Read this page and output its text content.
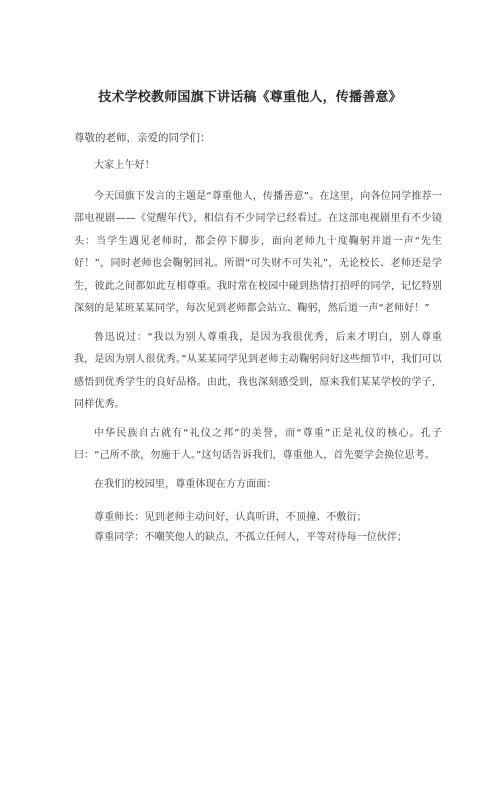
技术学校教师国旗下讲话稿《尊重他人，传播善意》
尊敬的老师，亲爱的同学们：

大家上午好！

今天国旗下发言的主题是“尊重他人，传播善意”。在这里，向各位同学推荐一部电视剧——《觉醒年代》，相信有不少同学已经看过。在这部电视剧里有不少镜头：当学生遇见老师时，都会停下脚步，面向老师九十度鞠躬并道一声“先生好！”，同时老师也会鞠躬回礼。所谓“可失财不可失礼”，无论校长、老师还是学生，彼此之间都如此互相尊重。我时常在校园中碰到热情打招呼的同学，记忆特别深刻的是某班某某同学，每次见到老师都会站立、鞠躬，然后道一声“老师好！”

鲁迅说过：“我以为别人尊重我，是因为我很优秀，后来才明白，别人尊重我，是因为别人很优秀。”从某某同学见到老师主动鞠躬问好这些细节中，我们可以感悟到优秀学生的良好品格。由此，我也深刻感受到，原来我们某某学校的学子，同样优秀。

中华民族自古就有“礼仪之邦”的美誉，而“尊重”正是礼仪的核心。孔子曰：“己所不欲，勿施于人。”这句话告诉我们，尊重他人，首先要学会换位思考。

在我们的校园里，尊重体现在方方面面：

尊重师长：见到老师主动问好，认真听讲，不顶撞、不敷衍；

尊重同学：不嘲笑他人的缺点，不孤立任何人，平等对待每一位伙伴；
